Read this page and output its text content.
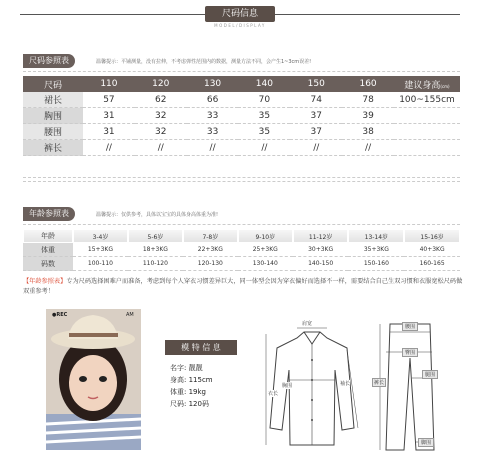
尺码信息
MODEL/DISPLAY
尺码参照表	温馨提示：平铺测量，没有拉伸，不考虑弹性范围内的数据，测量方法不同，会产生1~3cm误差!
尺码	110	120	130	140	150	160	建议身高(cm)
裙长	57	62	66	70	74	78	100~155cm
胸围	31	32	33	35	37	39	
腰围	31	32	33	35	37	38	
裤长	//	//	//	//	//	//	
年龄参照表	温馨提示：仅供参考，具体以宝宝的具体身高体重为准!
年龄	3-4岁	5-6岁	7-8岁	9-10岁	11-12岁	13-14岁	15-16岁
体重	15+3KG	18+3KG	22+3KG	25+3KG	30+3KG	35+3KG	40+3KG
码数	100-110	110-120	120-130	130-140	140-150	150-160	160-165
【年龄参照表】专为尺码选择困难户而准备，考虑到每个人穿衣习惯差异巨大，同一体型会因为穿衣偏好而选择不一样，需要结合自己生双习惯和衣服宽松尺码做双重参考！
●REC	AM
模 特 信 息
名字: 靓靓
身高: 115cm
体重: 19kg
尺码: 120码
肩宽
胸围
衣长
袖长
腰围
臀围
裤长
腿围
脚围
